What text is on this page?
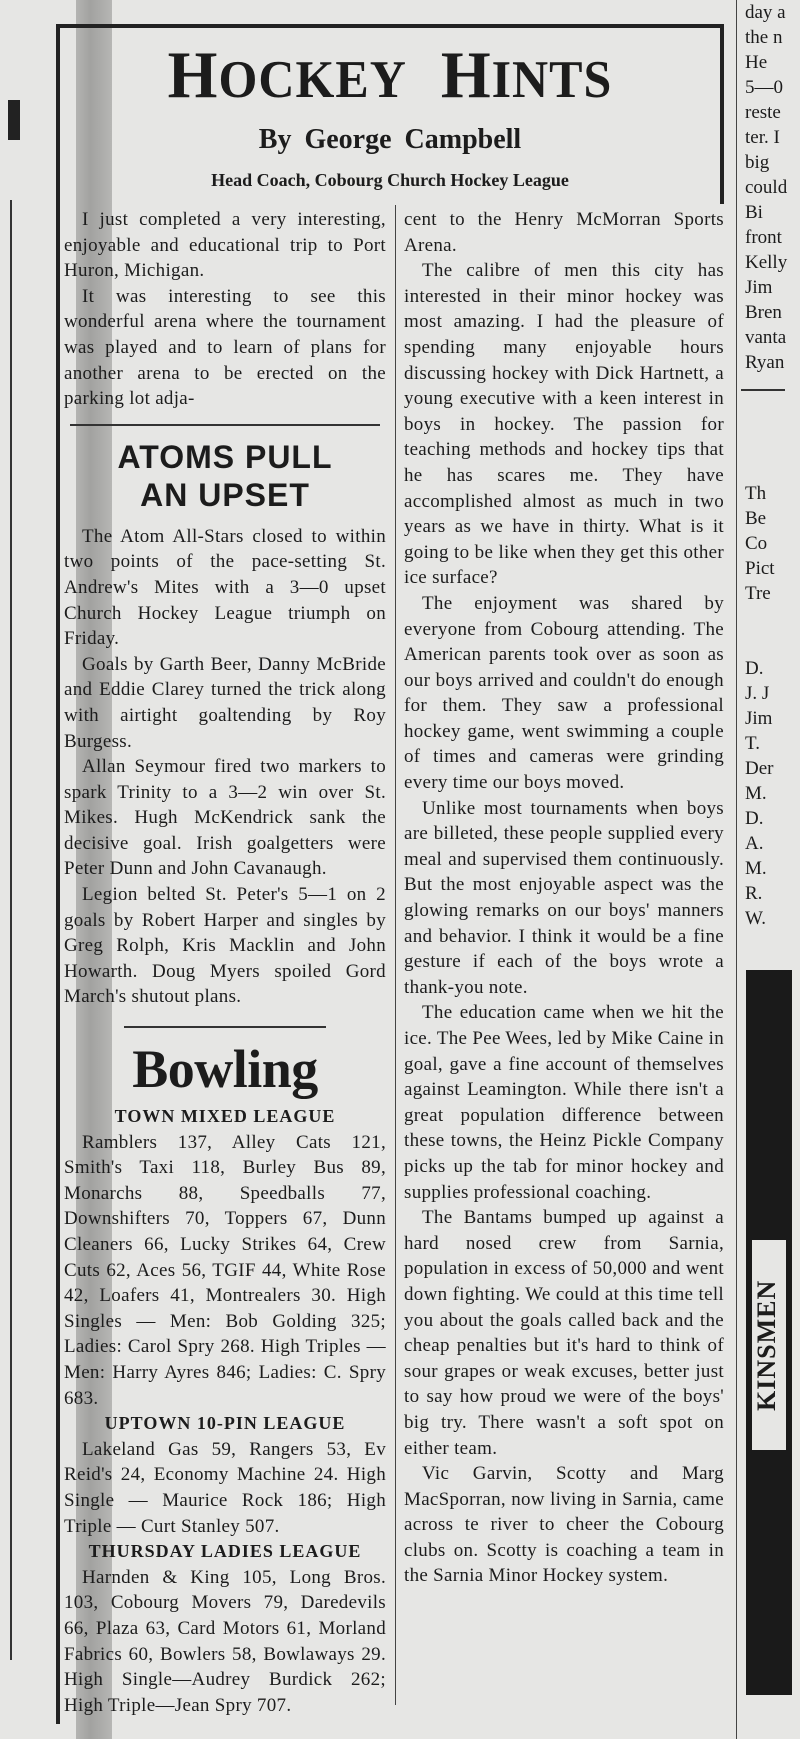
HOCKEY HINTS
By George Campbell
Head Coach, Cobourg Church Hockey League

I just completed a very interesting, enjoyable and educational trip to Port Huron, Michigan.

It was interesting to see this wonderful arena where the tournament was played and to learn of plans for another arena to be erected on the parking lot adja-

ATOMS PULL
AN UPSET

The Atom All-Stars closed to within two points of the pace-setting St. Andrew's Mites with a 3—0 upset Church Hockey League triumph on Friday.

Goals by Garth Beer, Danny McBride and Eddie Clarey turned the trick along with airtight goaltending by Roy Burgess.

Allan Seymour fired two markers to spark Trinity to a 3—2 win over St. Mikes. Hugh McKendrick sank the decisive goal. Irish goalgetters were Peter Dunn and John Cavanaugh.

Legion belted St. Peter's 5—1 on 2 goals by Robert Harper and singles by Greg Rolph, Kris Macklin and John Howarth. Doug Myers spoiled Gord March's shutout plans.

Bowling
TOWN MIXED LEAGUE

Ramblers 137, Alley Cats 121, Smith's Taxi 118, Burley Bus 89, Monarchs 88, Speedballs 77, Downshifters 70, Toppers 67, Dunn Cleaners 66, Lucky Strikes 64, Crew Cuts 62, Aces 56, TGIF 44, White Rose 42, Loafers 41, Montrealers 30. High Singles — Men: Bob Golding 325; Ladies: Carol Spry 268. High Triples — Men: Harry Ayres 846; Ladies: C. Spry 683.

UPTOWN 10-PIN LEAGUE

Lakeland Gas 59, Rangers 53, Ev Reid's 24, Economy Machine 24. High Single — Maurice Rock 186; High Triple — Curt Stanley 507.

THURSDAY LADIES LEAGUE

Harnden & King 105, Long Bros. 103, Cobourg Movers 79, Daredevils 66, Plaza 63, Card Motors 61, Morland Fabrics 60, Bowlers 58, Bowlaways 29. High Single—Audrey Burdick 262; High Triple—Jean Spry 707.

cent to the Henry McMorran Sports Arena.

The calibre of men this city has interested in their minor hockey was most amazing. I had the pleasure of spending many enjoyable hours discussing hockey with Dick Hartnett, a young executive with a keen interest in boys in hockey. The passion for teaching methods and hockey tips that he has scares me. They have accomplished almost as much in two years as we have in thirty. What is it going to be like when they get this other ice surface?

The enjoyment was shared by everyone from Cobourg attending. The American parents took over as soon as our boys arrived and couldn't do enough for them. They saw a professional hockey game, went swimming a couple of times and cameras were grinding every time our boys moved.

Unlike most tournaments when boys are billeted, these people supplied every meal and supervised them continuously. But the most enjoyable aspect was the glowing remarks on our boys' manners and behavior. I think it would be a fine gesture if each of the boys wrote a thank-you note.

The education came when we hit the ice. The Pee Wees, led by Mike Caine in goal, gave a fine account of themselves against Leamington. While there isn't a great population difference between these towns, the Heinz Pickle Company picks up the tab for minor hockey and supplies professional coaching.

The Bantams bumped up against a hard nosed crew from Sarnia, population in excess of 50,000 and went down fighting. We could at this time tell you about the goals called back and the cheap penalties but it's hard to think of sour grapes or weak excuses, better just to say how proud we were of the boys' big try. There wasn't a soft spot on either team.

Vic Garvin, Scotty and Marg MacSporran, now living in Sarnia, came across te river to cheer the Cobourg clubs on. Scotty is coaching a team in the Sarnia Minor Hockey system.

day a
the n
He
5—0
reste
ter. I
big
could
Bi
front
Kelly
Jim
Bren
vanta
Ryan
Th
Be
Co
Pict
Tre
D.
J. J
Jim
T.
Der
M.
D.
A.
M.
R.
W.
KINSMEN
